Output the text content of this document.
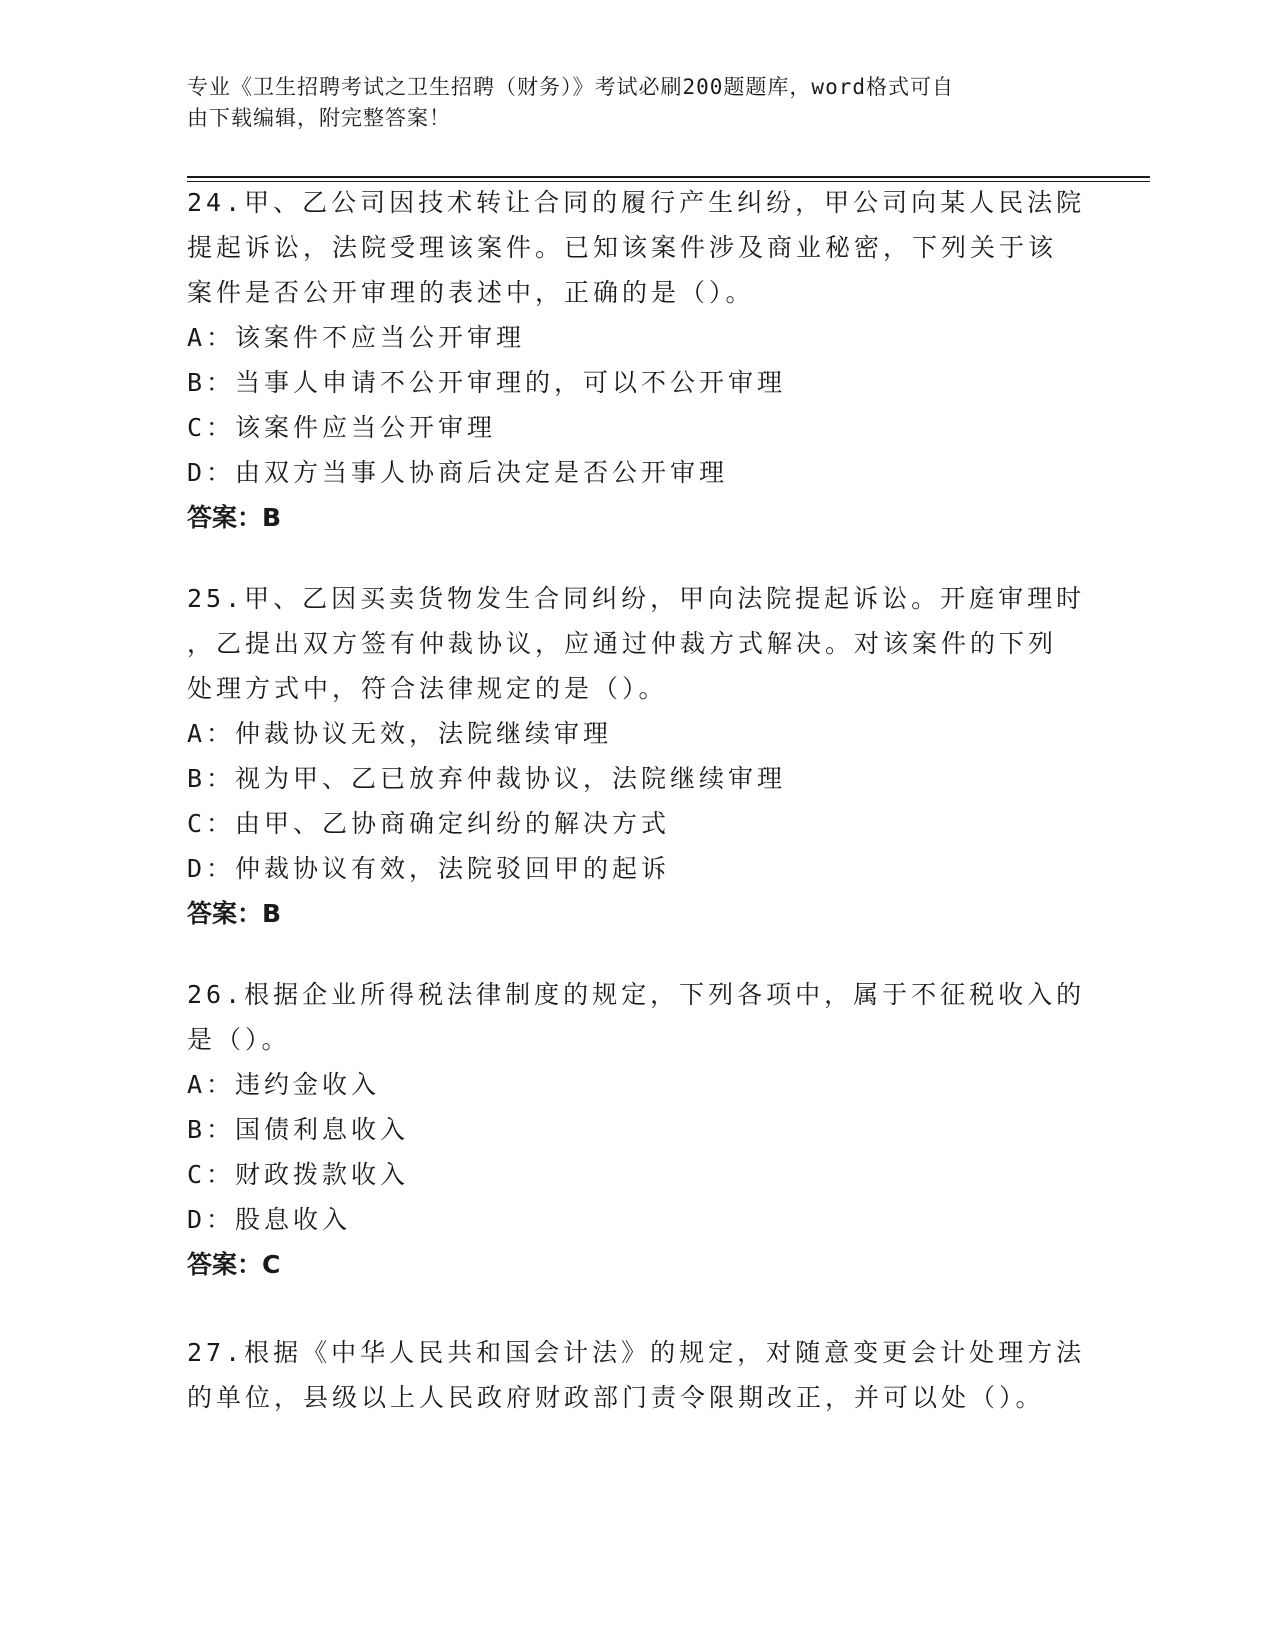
专业《卫生招聘考试之卫生招聘（财务）》考试必刷200题题库，word格式可自
由下载编辑，附完整答案！

24.甲、乙公司因技术转让合同的履行产生纠纷，甲公司向某人民法院

提起诉讼，法院受理该案件。已知该案件涉及商业秘密，下列关于该

案件是否公开审理的表述中，正确的是（）。

A：该案件不应当公开审理

B：当事人申请不公开审理的，可以不公开审理

C：该案件应当公开审理

D：由双方当事人协商后决定是否公开审理

答案：B

25.甲、乙因买卖货物发生合同纠纷，甲向法院提起诉讼。开庭审理时

，乙提出双方签有仲裁协议，应通过仲裁方式解决。对该案件的下列

处理方式中，符合法律规定的是（）。

A：仲裁协议无效，法院继续审理

B：视为甲、乙已放弃仲裁协议，法院继续审理

C：由甲、乙协商确定纠纷的解决方式

D：仲裁协议有效，法院驳回甲的起诉

答案：B

26.根据企业所得税法律制度的规定，下列各项中，属于不征税收入的

是（）。

A：违约金收入

B：国债利息收入

C：财政拨款收入

D：股息收入

答案：C

27.根据《中华人民共和国会计法》的规定，对随意变更会计处理方法

的单位，县级以上人民政府财政部门责令限期改正，并可以处（）。
